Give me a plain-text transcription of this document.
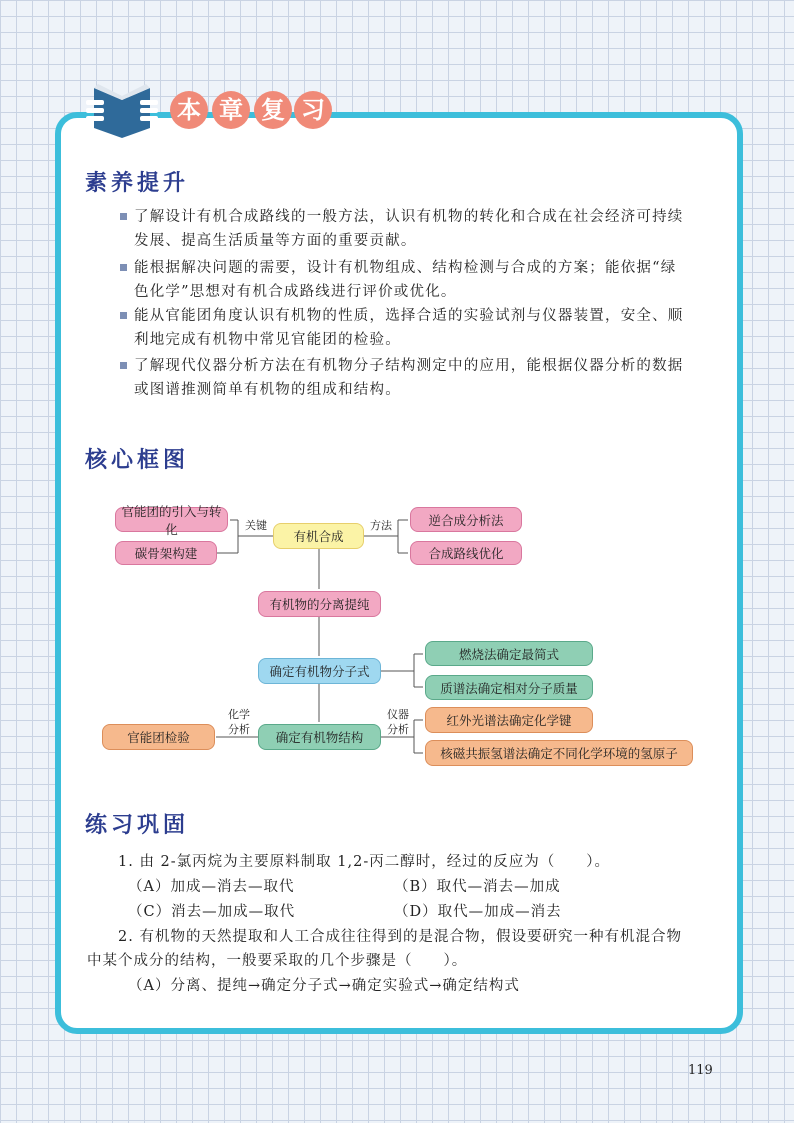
本 章 复 习
素养提升
了解设计有机合成路线的一般方法，认识有机物的转化和合成在社会经济可持续
发展、提高生活质量等方面的重要贡献。
能根据解决问题的需要，设计有机物组成、结构检测与合成的方案；能依据“绿
色化学”思想对有机合成路线进行评价或优化。
能从官能团角度认识有机物的性质，选择合适的实验试剂与仪器装置，安全、顺
利地完成有机物中常见官能团的检验。
了解现代仪器分析方法在有机物分子结构测定中的应用，能根据仪器分析的数据
或图谱推测简单有机物的组成和结构。
核心框图
官能团的引入与转化
碳骨架构建
有机合成
逆合成分析法
合成路线优化
有机物的分离提纯
确定有机物分子式
燃烧法确定最简式
质谱法确定相对分子质量
确定有机物结构
官能团检验
红外光谱法确定化学键
核磁共振氢谱法确定不同化学环境的氢原子
关键	方法
化学
分析
仪器
分析
练习巩固
1. 由 2-氯丙烷为主要原料制取 1,2-丙二醇时，经过的反应为（　　）。
（A）加成—消去—取代	（B）取代—消去—加成
（C）消去—加成—取代	（D）取代—加成—消去
2. 有机物的天然提取和人工合成往往得到的是混合物，假设要研究一种有机混合物
中某个成分的结构，一般要采取的几个步骤是（　　）。
（A）分离、提纯→确定分子式→确定实验式→确定结构式
119
